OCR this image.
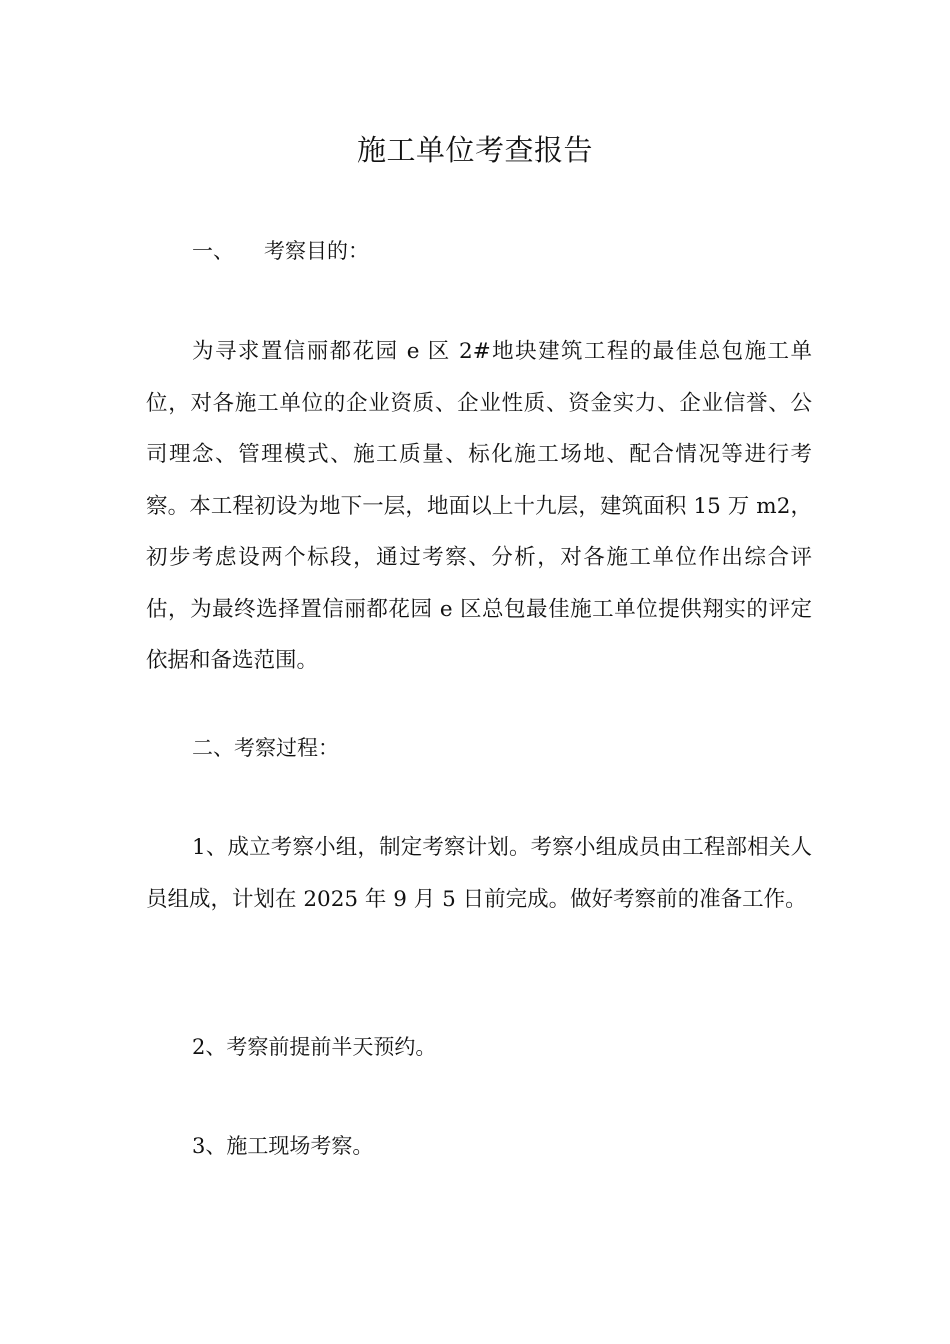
施工单位考查报告
一、 考察目的：

为寻求置信丽都花园 e 区 2#地块建筑工程的最佳总包施工单位，对各施工单位的企业资质、企业性质、资金实力、企业信誉、公司理念、管理模式、施工质量、标化施工场地、配合情况等进行考察。本工程初设为地下一层，地面以上十九层，建筑面积 15 万 m2，初步考虑设两个标段，通过考察、分析，对各施工单位作出综合评估，为最终选择置信丽都花园 e 区总包最佳施工单位提供翔实的评定依据和备选范围。

二、考察过程：

1、成立考察小组，制定考察计划。考察小组成员由工程部相关人员组成，计划在 2025 年 9 月 5 日前完成。做好考察前的准备工作。

2、考察前提前半天预约。
3、施工现场考察。
